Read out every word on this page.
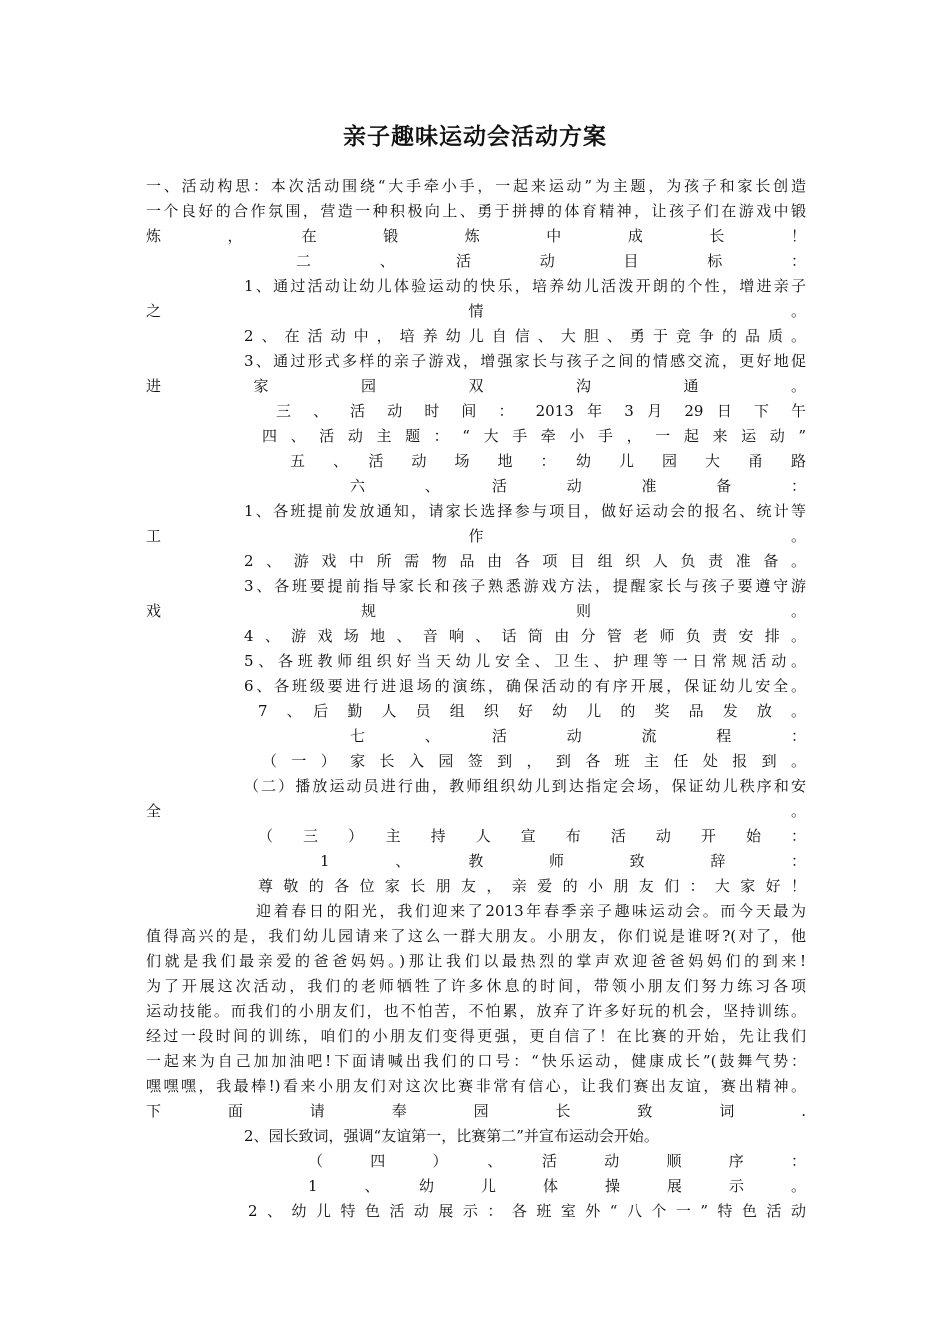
亲子趣味运动会活动方案
一、活动构思：本次活动围绕“大手牵小手，一起来运动”为主题，为孩子和家长创造
一个良好的合作氛围，营造一种积极向上、勇于拼搏的体育精神，让孩子们在游戏中锻
炼　，　在　锻　炼　中　成　长　！
二　、　活　动　目　标　：
1、通过活动让幼儿体验运动的快乐，培养幼儿活泼开朗的个性，增进亲子
之　　情　　。
2、在活动中，培养幼儿自信、大胆、勇于竞争的品质。
3、通过形式多样的亲子游戏，增强家长与孩子之间的情感交流，更好地促
进　家　园　双　沟　通　。
三 、 活 动 时 间 ： 2013 年 3 月 29 日 下 午
四、活动主题：“大手牵小手，一起来运动”
五　、　活　动　场　地　：　幼　儿　园　大　甬　路
六　、　活　动　准　备　：
1、各班提前发放通知，请家长选择参与项目，做好运动会的报名、统计等
工　　作　　。
2、游戏中所需物品由各项目组织人负责准备。
3、各班要提前指导家长和孩子熟悉游戏方法，提醒家长与孩子要遵守游
戏　　规　　则　　。
4、游戏场地、音响、话筒由分管老师负责安排。
5、各班教师组织好当天幼儿安全、卫生、护理等一日常规活动。
6、各班级要进行进退场的演练，确保活动的有序开展，保证幼儿安全。
7　、　后　勤　人　员　组　织　好　幼　儿　的　奖　品　发　放　。
七　、　活　动　流　程　：
（一）家长入园签到，到各班主任处报到。
（二）播放运动员进行曲，教师组织幼儿到达指定会场，保证幼儿秩序和安
全　　。
（　三　）　主　持　人　宣　布　活　动　开　始　：
1　、　教　师　致　辞　：
尊敬的各位家长朋友，亲爱的小朋友们：大家好！
迎着春日的阳光，我们迎来了2013年春季亲子趣味运动会。而今天最为
值得高兴的是，我们幼儿园请来了这么一群大朋友。小朋友，你们说是谁呀?(对了，他
们就是我们最亲爱的爸爸妈妈。)那让我们以最热烈的掌声欢迎爸爸妈妈们的到来!
为了开展这次活动，我们的老师牺牲了许多休息的时间，带领小朋友们努力练习各项
运动技能。而我们的小朋友们，也不怕苦，不怕累，放弃了许多好玩的机会，坚持训练。
经过一段时间的训练，咱们的小朋友们变得更强，更自信了！在比赛的开始，先让我们
一起来为自己加加油吧!下面请喊出我们的口号：“快乐运动，健康成长”(鼓舞气势：
嘿嘿嘿，我最棒!)看来小朋友们对这次比赛非常有信心，让我们赛出友谊，赛出精神。
下　面　请　奉　园　长　致　词　.
2、园长致词，强调“友谊第一，比赛第二”并宣布运动会开始。
（　四　）　、　活　动　顺　序　：
1　、　幼　儿　体　操　展　示　。
2、幼儿特色活动展示：各班室外“八个一”特色活动
